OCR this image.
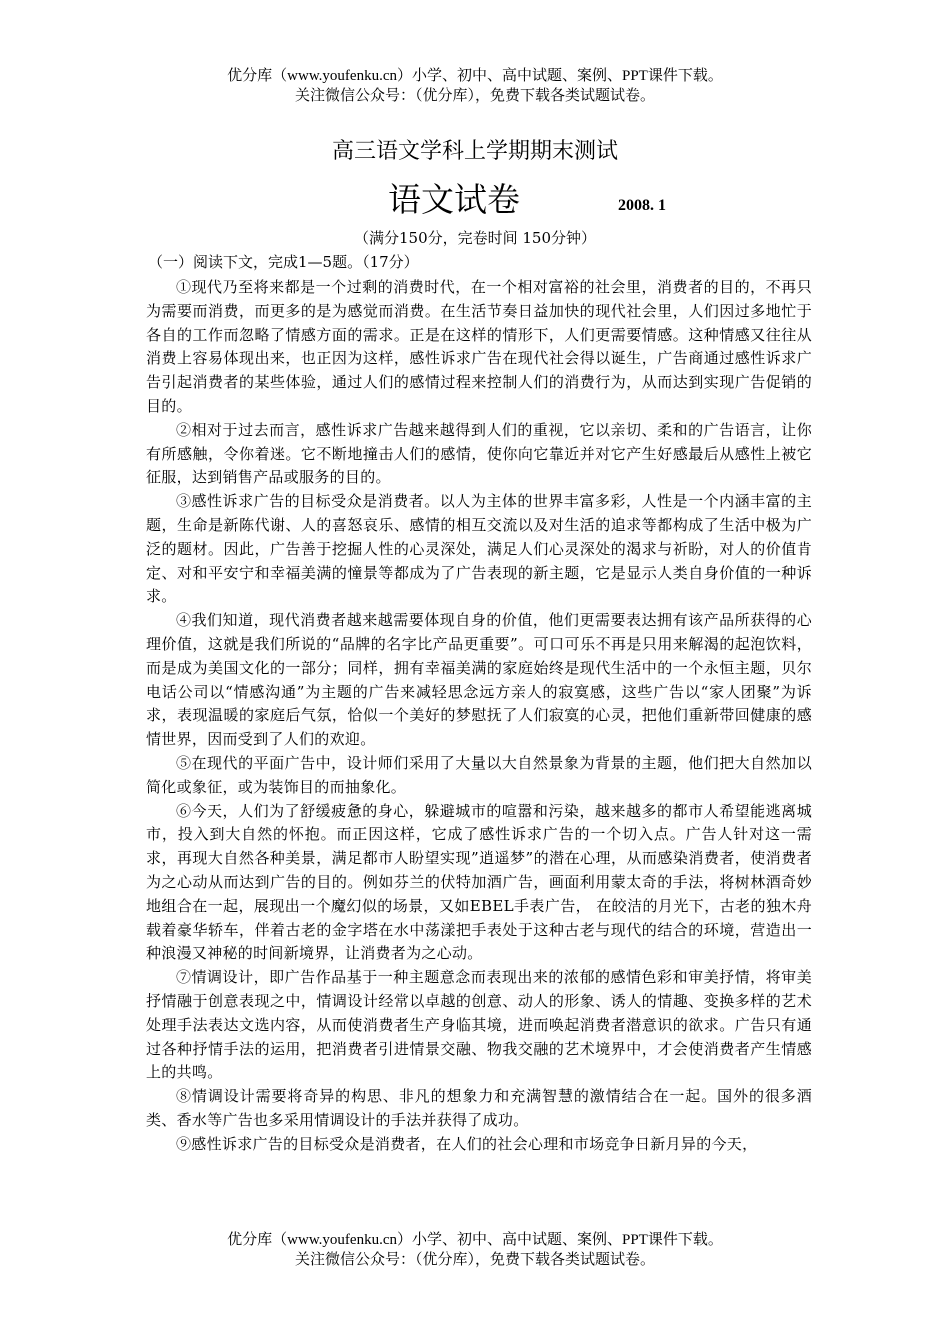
优分库（www.youfenku.cn）小学、初中、高中试题、案例、PPT课件下载。
关注微信公众号：（优分库），免费下载各类试题试卷。
高三语文学科上学期期末测试
语文试卷	2008. 1
（满分150分，完卷时间 150分钟）
（一）阅读下文，完成1—5题。（17分）

①现代乃至将来都是一个过剩的消费时代，在一个相对富裕的社会里，消费者的目的，不再只为需要而消费，而更多的是为感觉而消费。在生活节奏日益加快的现代社会里，人们因过多地忙于各自的工作而忽略了情感方面的需求。正是在这样的情形下，人们更需要情感。这种情感又往往从消费上容易体现出来，也正因为这样，感性诉求广告在现代社会得以诞生，广告商通过感性诉求广告引起消费者的某些体验，通过人们的感情过程来控制人们的消费行为，从而达到实现广告促销的目的。

②相对于过去而言，感性诉求广告越来越得到人们的重视，它以亲切、柔和的广告语言，让你有所感触，令你着迷。它不断地撞击人们的感情，使你向它靠近并对它产生好感最后从感性上被它征服，达到销售产品或服务的目的。

③感性诉求广告的目标受众是消费者。以人为主体的世界丰富多彩，人性是一个内涵丰富的主题，生命是新陈代谢、人的喜怒哀乐、感情的相互交流以及对生活的追求等都构成了生活中极为广泛的题材。因此，广告善于挖掘人性的心灵深处，满足人们心灵深处的渴求与祈盼，对人的价值肯定、对和平安宁和幸福美满的憧景等都成为了广告表现的新主题，它是显示人类自身价值的一种诉求。

④我们知道，现代消费者越来越需要体现自身的价值，他们更需要表达拥有该产品所获得的心理价值，这就是我们所说的“品牌的名字比产品更重要”。可口可乐不再是只用来解渴的起泡饮料，而是成为美国文化的一部分；同样，拥有幸福美满的家庭始终是现代生活中的一个永恒主题，贝尔电话公司以“情感沟通”为主题的广告来减轻思念远方亲人的寂寞感，这些广告以“家人团聚”为诉求，表现温暖的家庭后气氛，恰似一个美好的梦慰抚了人们寂寞的心灵，把他们重新带回健康的感情世界，因而受到了人们的欢迎。

⑤在现代的平面广告中，设计师们采用了大量以大自然景象为背景的主题，他们把大自然加以简化或象征，或为装饰目的而抽象化。

⑥今天，人们为了舒缓疲惫的身心，躲避城市的喧嚣和污染，越来越多的都市人希望能逃离城市，投入到大自然的怀抱。而正因这样，它成了感性诉求广告的一个切入点。广告人针对这一需求，再现大自然各种美景，满足都市人盼望实现”逍遥梦”的潜在心理，从而感染消费者，使消费者为之心动从而达到广告的目的。例如芬兰的伏特加酒广告，画面利用蒙太奇的手法，将树林酒奇妙地组合在一起，展现出一个魔幻似的场景，又如EBEL手表广告， 在皎洁的月光下，古老的独木舟载着豪华轿车，伴着古老的金字塔在水中荡漾把手表处于这种古老与现代的结合的环境，营造出一种浪漫又神秘的时间新境界，让消费者为之心动。

⑦情调设计，即广告作品基于一种主题意念而表现出来的浓郁的感情色彩和审美抒情，将审美抒情融于创意表现之中，情调设计经常以卓越的创意、动人的形象、诱人的情趣、变换多样的艺术处理手法表达文选内容，从而使消费者生产身临其境，进而唤起消费者潜意识的欲求。广告只有通过各种抒情手法的运用，把消费者引进情景交融、物我交融的艺术境界中，才会使消费者产生情感上的共鸣。

⑧情调设计需要将奇异的构思、非凡的想象力和充满智慧的激情结合在一起。国外的很多酒类、香水等广告也多采用情调设计的手法并获得了成功。

⑨感性诉求广告的目标受众是消费者，在人们的社会心理和市场竞争日新月异的今天，

优分库（www.youfenku.cn）小学、初中、高中试题、案例、PPT课件下载。
关注微信公众号：（优分库），免费下载各类试题试卷。
